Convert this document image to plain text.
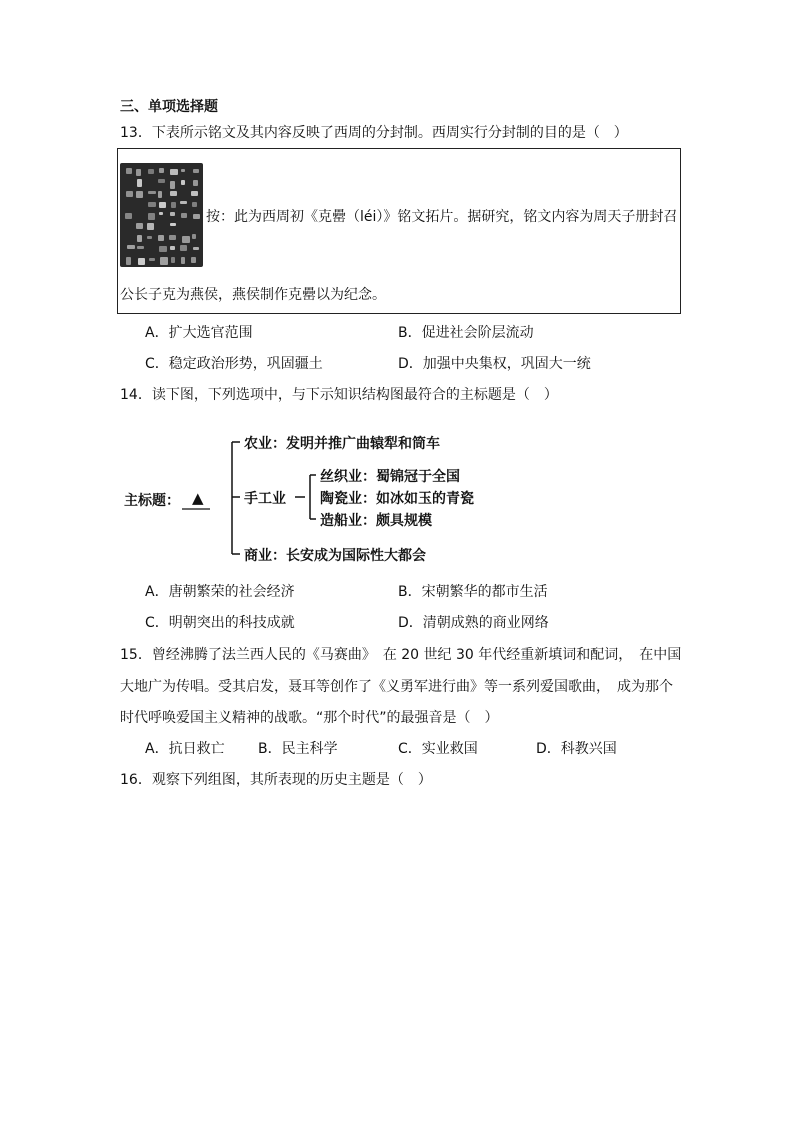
三、单项选择题
13．下表所示铭文及其内容反映了西周的分封制。西周实行分封制的目的是（　）
按：此为西周初《克罍（léi）》铭文拓片。据研究，铭文内容为周天子册封召
公长子克为燕侯，燕侯制作克罍以为纪念。
A．扩大选官范围	B．促进社会阶层流动
C．稳定政治形势，巩固疆土	D．加强中央集权，巩固大一统
14．读下图，下列选项中，与下示知识结构图最符合的主标题是（　）
主标题： ▲
农业：发明并推广曲辕犁和筒车
手工业
丝织业：蜀锦冠于全国
陶瓷业：如冰如玉的青瓷
造船业：颇具规模
商业：长安成为国际性大都会
A．唐朝繁荣的社会经济	B．宋朝繁华的都市生活
C．明朝突出的科技成就	D．清朝成熟的商业网络
15．曾经沸腾了法兰西人民的《马赛曲》　在 20 世纪 30 年代经重新填词和配词，　在中国
大地广为传唱。受其启发，聂耳等创作了《义勇军进行曲》等一系列爱国歌曲，　成为那个
时代呼唤爱国主义精神的战歌。“那个时代”的最强音是（　）
A．抗日救亡 B．民主科学	C．实业救国	D．科教兴国
16．观察下列组图，其所表现的历史主题是（　）
